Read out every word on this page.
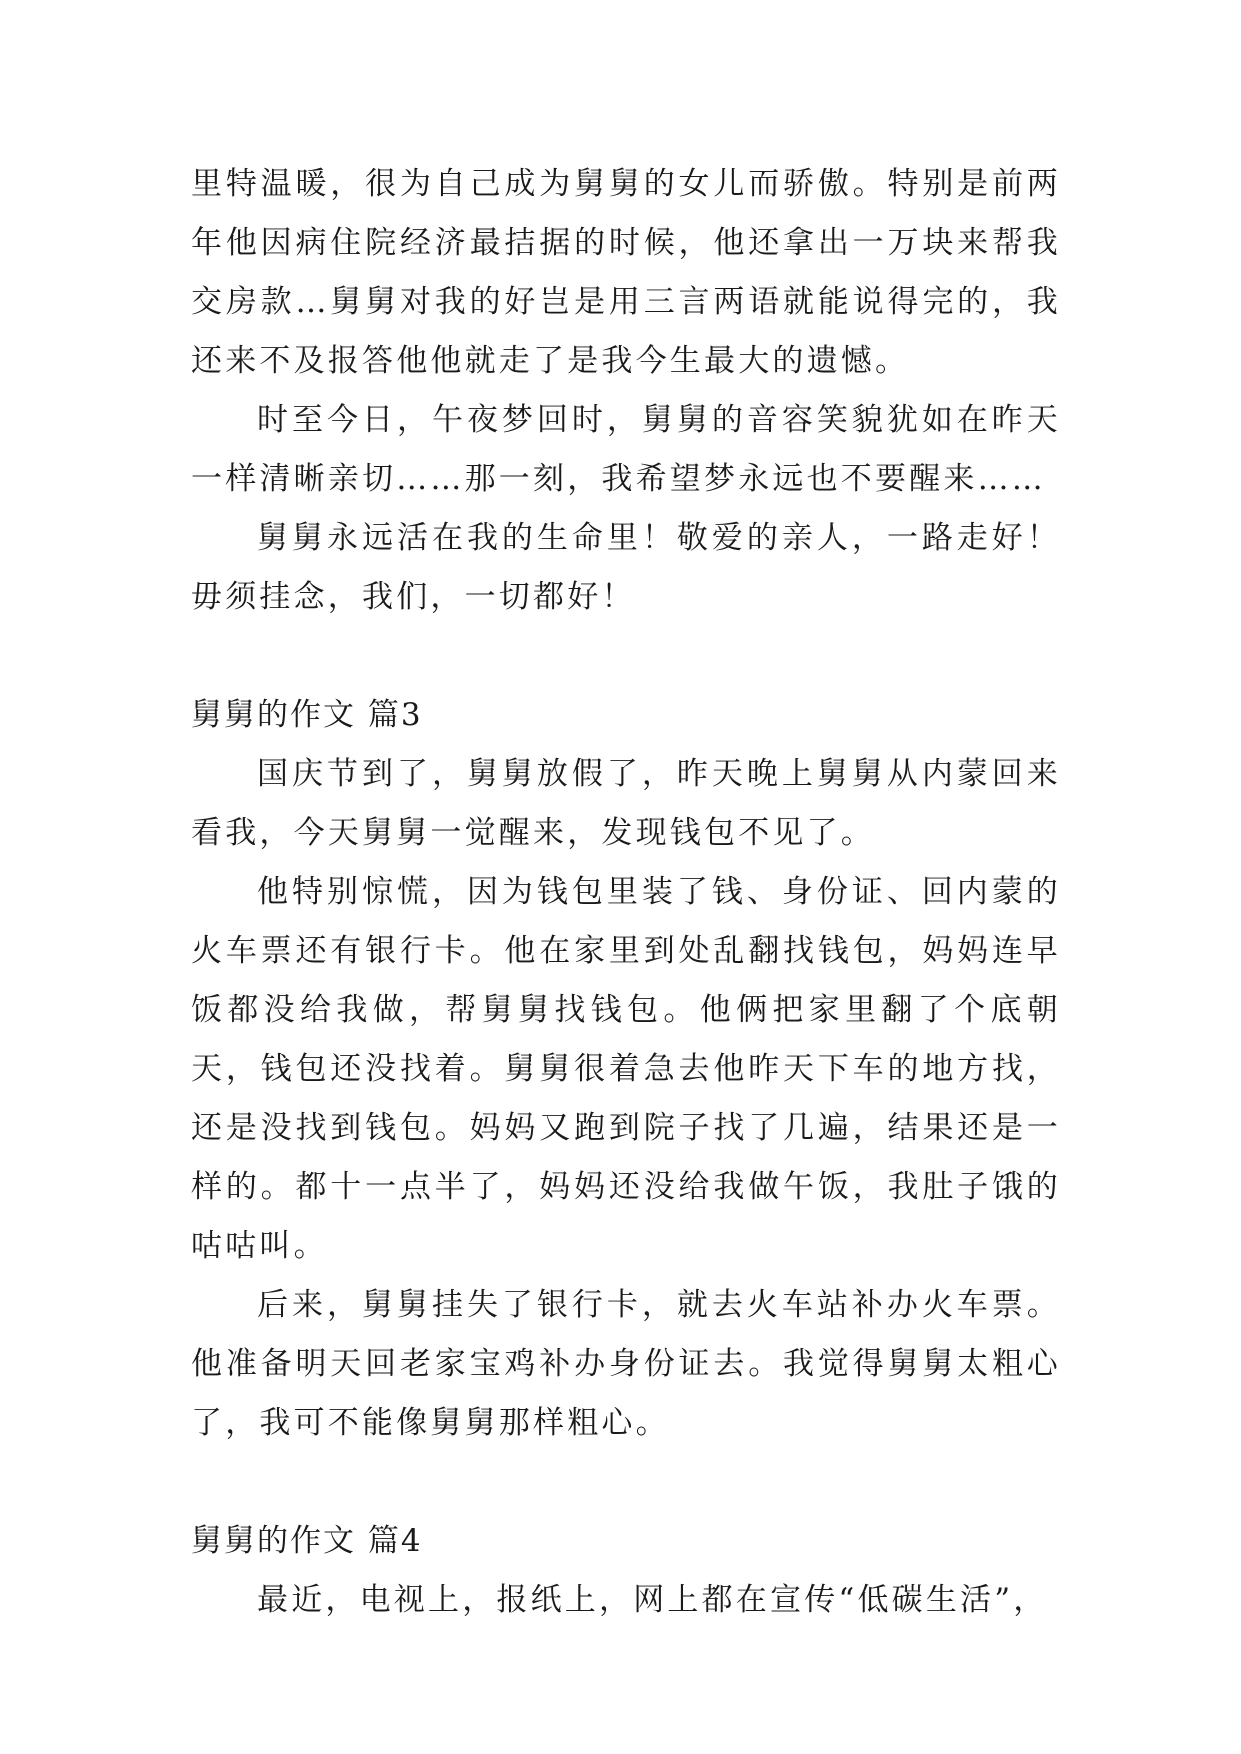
里特温暖，很为自己成为舅舅的女儿而骄傲。特别是前两年他因病住院经济最拮据的时候，他还拿出一万块来帮我交房款…舅舅对我的好岂是用三言两语就能说得完的，我还来不及报答他他就走了是我今生最大的遗憾。

时至今日，午夜梦回时，舅舅的音容笑貌犹如在昨天一样清晰亲切……那一刻，我希望梦永远也不要醒来……

舅舅永远活在我的生命里！敬爱的亲人，一路走好！毋须挂念，我们，一切都好！

舅舅的作文 篇3

国庆节到了，舅舅放假了，昨天晚上舅舅从内蒙回来看我，今天舅舅一觉醒来，发现钱包不见了。

他特别惊慌，因为钱包里装了钱、身份证、回内蒙的火车票还有银行卡。他在家里到处乱翻找钱包，妈妈连早饭都没给我做，帮舅舅找钱包。他俩把家里翻了个底朝天，钱包还没找着。舅舅很着急去他昨天下车的地方找，还是没找到钱包。妈妈又跑到院子找了几遍，结果还是一样的。都十一点半了，妈妈还没给我做午饭，我肚子饿的咕咕叫。

后来，舅舅挂失了银行卡，就去火车站补办火车票。他准备明天回老家宝鸡补办身份证去。我觉得舅舅太粗心了，我可不能像舅舅那样粗心。

舅舅的作文 篇4

最近，电视上，报纸上，网上都在宣传“低碳生活”，
